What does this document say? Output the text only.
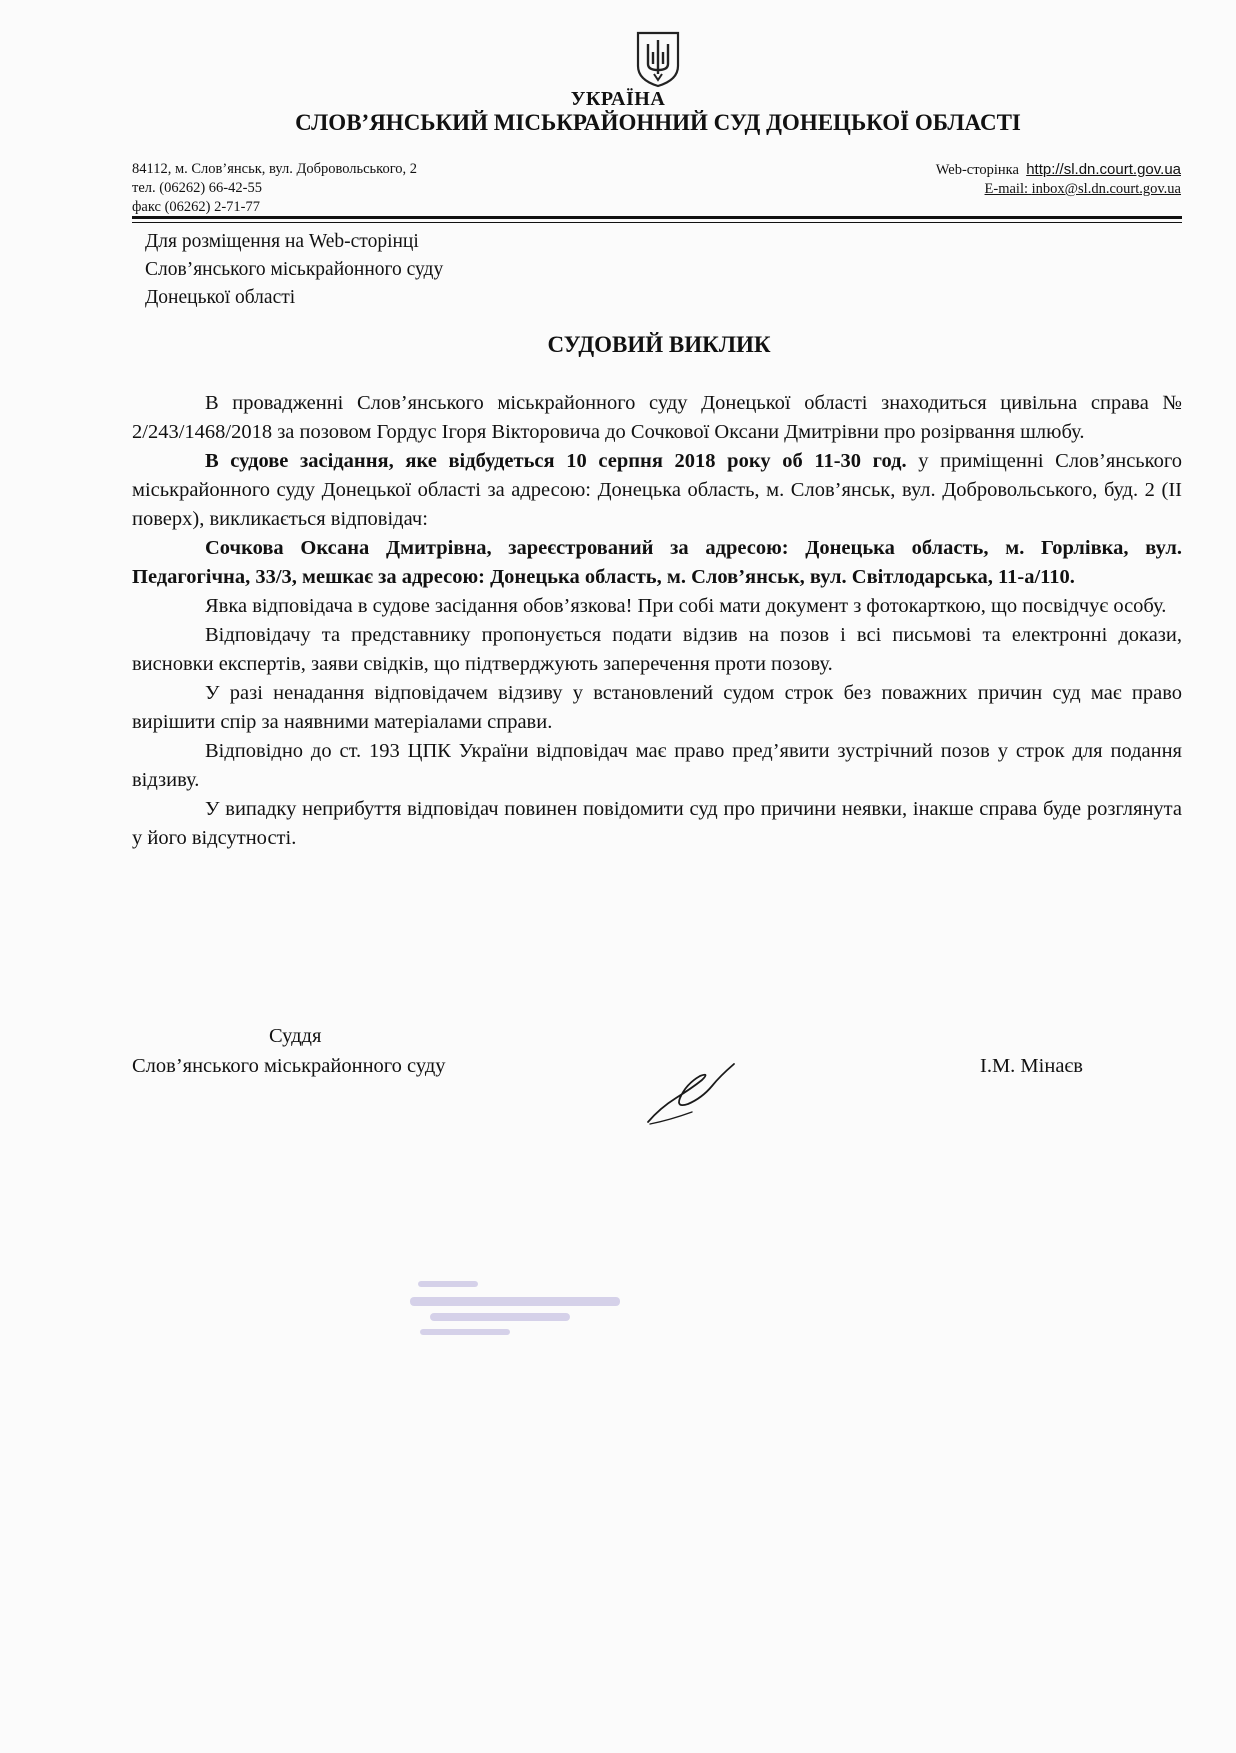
УКРАЇНА
СЛОВ’ЯНСЬКИЙ МІСЬКРАЙОННИЙ СУД ДОНЕЦЬКОЇ ОБЛАСТІ
84112, м. Слов’янськ, вул. Добровольського, 2
тел. (06262) 66-42-55
факс (06262) 2-71-77
Web-сторінка http://sl.dn.court.gov.ua
E-mail: inbox@sl.dn.court.gov.ua
Для розміщення на Web-сторінці
Слов’янського міськрайонного суду
Донецької області
СУДОВИЙ ВИКЛИК

В провадженні Слов’янського міськрайонного суду Донецької області знаходиться цивільна справа № 2/243/1468/2018 за позовом Гордус Ігоря Вікторовича до Сочкової Оксани Дмитрівни про розірвання шлюбу.

В судове засідання, яке відбудеться 10 серпня 2018 року об 11-30 год. у приміщенні Слов’янського міськрайонного суду Донецької області за адресою: Донецька область, м. Слов’янськ, вул. Добровольського, буд. 2 (ІІ поверх), викликається відповідач:

Сочкова Оксана Дмитрівна, зареєстрований за адресою: Донецька область, м. Горлівка, вул. Педагогічна, 33/3, мешкає за адресою: Донецька область, м. Слов’янськ, вул. Світлодарська, 11-а/110.

Явка відповідача в судове засідання обов’язкова! При собі мати документ з фотокарткою, що посвідчує особу.

Відповідачу та представнику пропонується подати відзив на позов і всі письмові та електронні докази, висновки експертів, заяви свідків, що підтверджують заперечення проти позову.

У разі ненадання відповідачем відзиву у встановлений судом строк без поважних причин суд має право вирішити спір за наявними матеріалами справи.

Відповідно до ст. 193 ЦПК України відповідач має право пред’явити зустрічний позов у строк для подання відзиву.

У випадку неприбуття відповідач повинен повідомити суд про причини неявки, інакше справа буде розглянута у його відсутності.

Суддя
Слов’янського міськрайонного суду	І.М. Мінаєв
